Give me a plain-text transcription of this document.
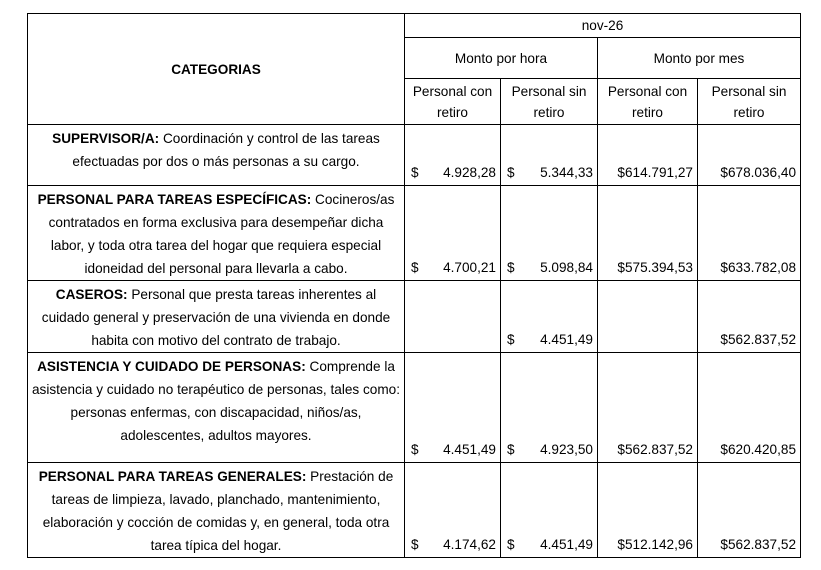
CATEGORIAS	nov-26			
	Monto por hora		Monto por mes	
	Personal con retiro	Personal sin retiro	Personal con retiro	Personal sin retiro
SUPERVISOR/A: Coordinación y control de las tareas efectuadas por dos o más personas a su cargo.	$ 4.928,28	$ 5.344,33	$614.791,27	$678.036,40
PERSONAL PARA TAREAS ESPECÍFICAS: Cocineros/as contratados en forma exclusiva para desempeñar dicha labor, y toda otra tarea del hogar que requiera especial idoneidad del personal para llevarla a cabo.	$ 4.700,21	$ 5.098,84	$575.394,53	$633.782,08
CASEROS: Personal que presta tareas inherentes al cuidado general y preservación de una vivienda en donde habita con motivo del contrato de trabajo.		$ 4.451,49		$562.837,52
ASISTENCIA Y CUIDADO DE PERSONAS: Comprende la asistencia y cuidado no terapéutico de personas, tales como: personas enfermas, con discapacidad, niños/as, adolescentes, adultos mayores.	$ 4.451,49	$ 4.923,50	$562.837,52	$620.420,85
PERSONAL PARA TAREAS GENERALES: Prestación de tareas de limpieza, lavado, planchado, mantenimiento, elaboración y cocción de comidas y, en general, toda otra tarea típica del hogar.	$ 4.174,62	$ 4.451,49	$512.142,96	$562.837,52
